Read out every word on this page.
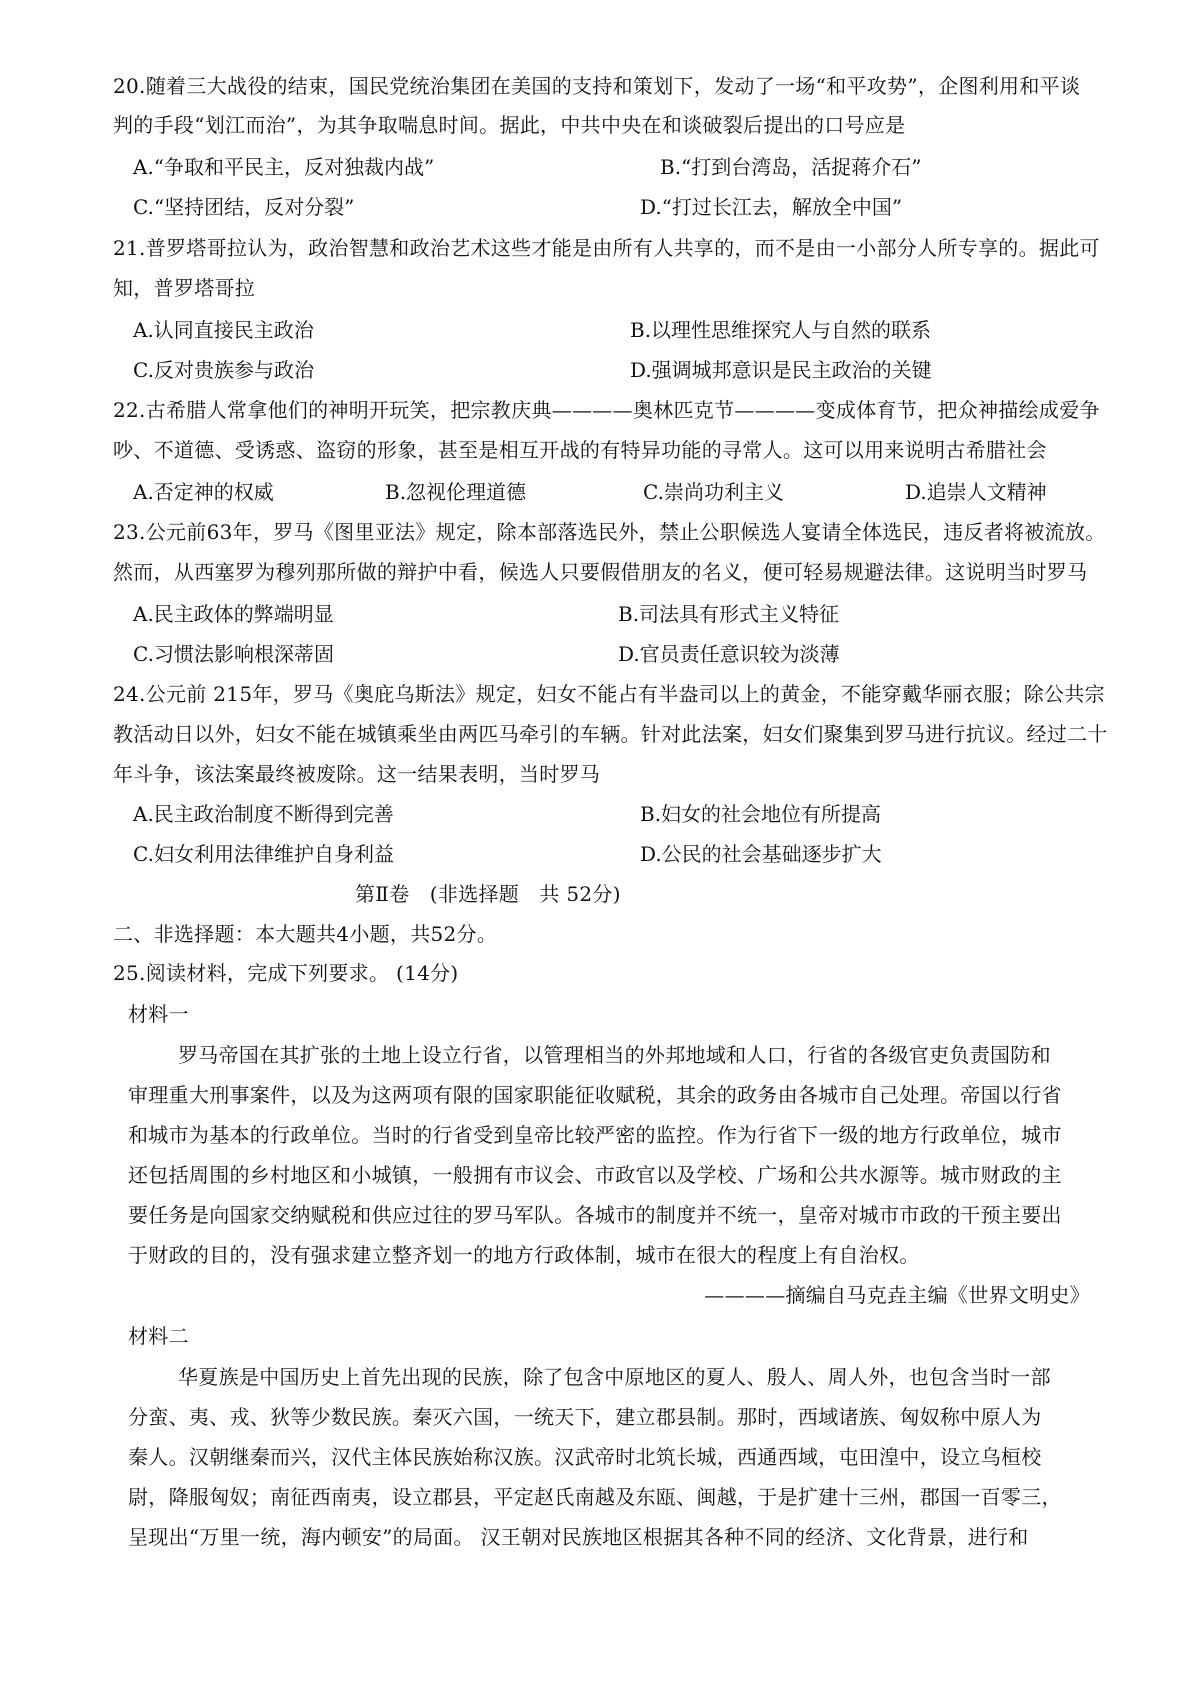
20.随着三大战役的结束，国民党统治集团在美国的支持和策划下，发动了一场“和平攻势”，企图利用和平谈
判的手段“划江而治”，为其争取喘息时间。据此，中共中央在和谈破裂后提出的口号应是
A.“争取和平民主，反对独裁内战”	B.“打到台湾岛，活捉蒋介石”
C.“坚持团结，反对分裂”	D.“打过长江去，解放全中国”
21.普罗塔哥拉认为，政治智慧和政治艺术这些才能是由所有人共享的，而不是由一小部分人所专享的。据此可
知，普罗塔哥拉
A.认同直接民主政治	B.以理性思维探究人与自然的联系
C.反对贵族参与政治	D.强调城邦意识是民主政治的关键
22.古希腊人常拿他们的神明开玩笑，把宗教庆典————奥林匹克节————变成体育节，把众神描绘成爱争
吵、不道德、受诱惑、盗窃的形象，甚至是相互开战的有特异功能的寻常人。这可以用来说明古希腊社会
A.否定神的权威	B.忽视伦理道德	C.崇尚功利主义	D.追崇人文精神
23.公元前63年，罗马《图里亚法》规定，除本部落选民外，禁止公职候选人宴请全体选民，违反者将被流放。
然而，从西塞罗为穆列那所做的辩护中看，候选人只要假借朋友的名义，便可轻易规避法律。这说明当时罗马
A.民主政体的弊端明显	B.司法具有形式主义特征
C.习惯法影响根深蒂固	D.官员责任意识较为淡薄
24.公元前 215年，罗马《奥庇乌斯法》规定，妇女不能占有半盎司以上的黄金，不能穿戴华丽衣服；除公共宗
教活动日以外，妇女不能在城镇乘坐由两匹马牵引的车辆。针对此法案，妇女们聚集到罗马进行抗议。经过二十
年斗争，该法案最终被废除。这一结果表明，当时罗马
A.民主政治制度不断得到完善	B.妇女的社会地位有所提高
C.妇女利用法律维护自身利益	D.公民的社会基础逐步扩大
第Ⅱ卷　(非选择题　共 52分)
二、非选择题：本大题共4小题，共52分。
25.阅读材料，完成下列要求。 (14分)
材料一
罗马帝国在其扩张的土地上设立行省，以管理相当的外邦地域和人口，行省的各级官吏负责国防和
审理重大刑事案件，以及为这两项有限的国家职能征收赋税，其余的政务由各城市自己处理。帝国以行省
和城市为基本的行政单位。当时的行省受到皇帝比较严密的监控。作为行省下一级的地方行政单位，城市
还包括周围的乡村地区和小城镇，一般拥有市议会、市政官以及学校、广场和公共水源等。城市财政的主
要任务是向国家交纳赋税和供应过往的罗马军队。各城市的制度并不统一，皇帝对城市市政的干预主要出
于财政的目的，没有强求建立整齐划一的地方行政体制，城市在很大的程度上有自治权。
————摘编自马克垚主编《世界文明史》
材料二
华夏族是中国历史上首先出现的民族，除了包含中原地区的夏人、殷人、周人外，也包含当时一部
分蛮、夷、戎、狄等少数民族。秦灭六国，一统天下，建立郡县制。那时，西域诸族、匈奴称中原人为
秦人。汉朝继秦而兴，汉代主体民族始称汉族。汉武帝时北筑长城，西通西域，屯田湟中，设立乌桓校
尉，降服匈奴；南征西南夷，设立郡县，平定赵氏南越及东瓯、闽越，于是扩建十三州，郡国一百零三，
呈现出“万里一统，海内顿安”的局面。 汉王朝对民族地区根据其各种不同的经济、文化背景，进行和
